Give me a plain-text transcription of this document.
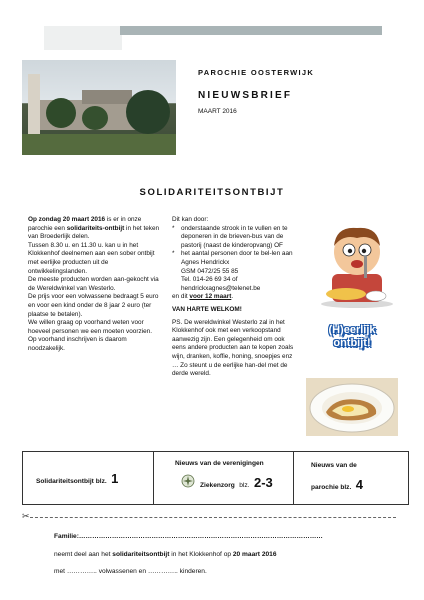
PAROCHIE OOSTERWIJK
NIEUWSBRIEF
MAART 2016
SOLIDARITEITSONTBIJT

Op zondag 20 maart 2016 is er in onze parochie een solidariteits-ontbijt in het teken van Broederlijk delen.

Tussen 8.30 u. en 11.30 u. kan u in het Klokkenhof deelnemen aan een sober ontbijt met eerlijke producten uit de ontwikkelingslanden.

De meeste producten worden aan-gekocht via de Wereldwinkel van Westerlo.

De prijs voor een volwassene bedraagt 5 euro en voor een kind onder de 8 jaar 2 euro (ter plaatse te betalen).

We willen graag op voorhand weten voor hoeveel personen we een moeten voorzien. Op voorhand inschrijven is daarom noodzakelijk.

Dit kan door:

*	onderstaande strook in te vullen en te deponeren in de brieven-bus van de pastorij (naast de kinderopvang) OF
*	het aantal personen door te bel-len aan Agnes Hendrickx

GSM 0472/25 55 85

Tel. 014-26 69 34 of

hendrickxagnes@telenet.be

en dit voor 12 maart.

VAN HARTE WELKOM!

PS. De wereldwinkel Westerlo zal in het Klokkenhof ook met een verkoopstand aanwezig zijn. Een gelegenheid om ook eens andere producten aan te kopen zoals wijn, dranken, koffie, honing, snoepjes enz … Zo steunt u de eerlijke han-del met de derde wereld.

(H)eerlijk ontbijt!
Solidariteitsontbijt blz. 1
Nieuws van de verenigingen
Ziekenzorg blz. 2-3
Nieuws van de
parochie blz. 4
✂
Familie:…………………………………………………………………………………………………
neemt deel aan het solidariteitsontbijt in het Klokkenhof op 20 maart 2016
met ………….. volwassenen en ………….. kinderen.
